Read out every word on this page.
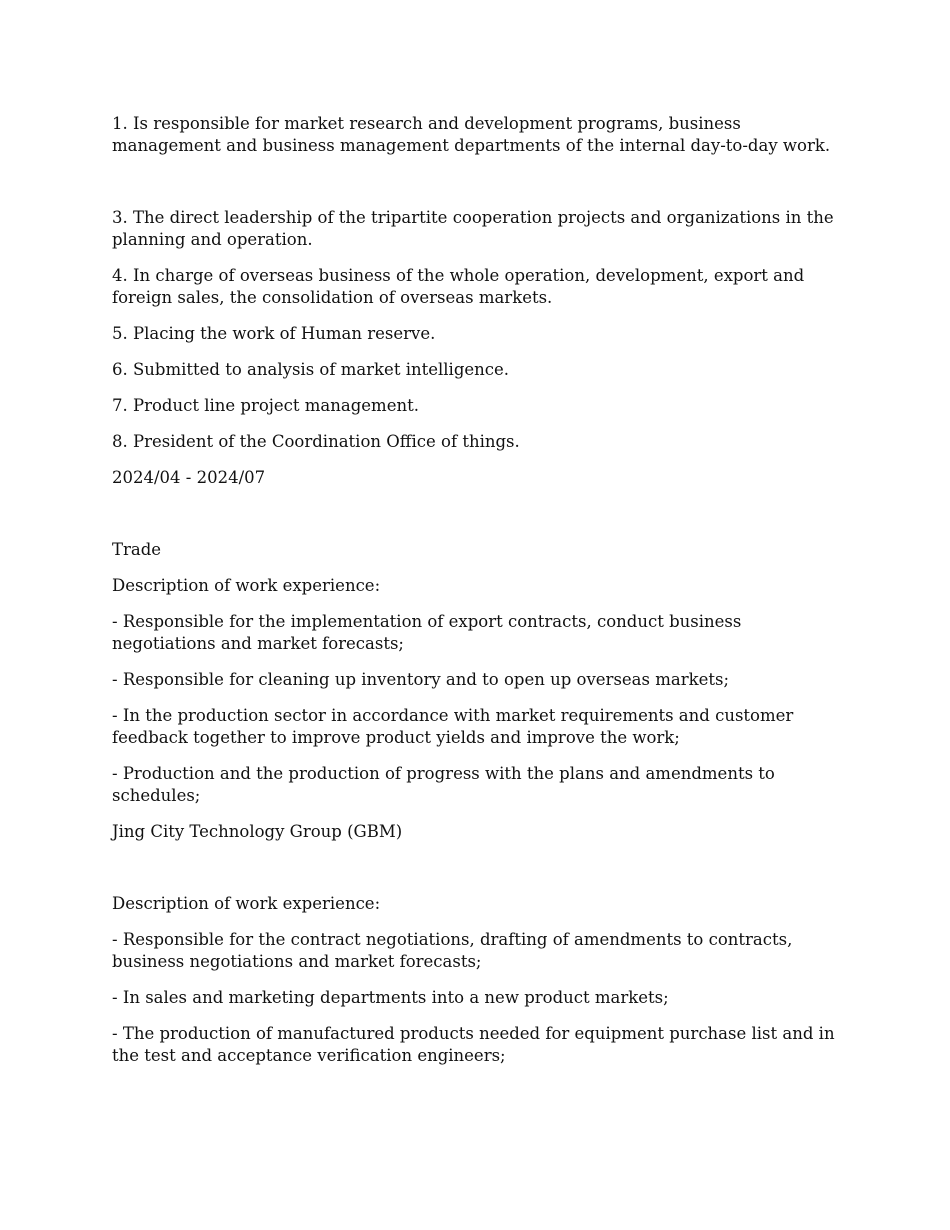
1. Is responsible for market research and development programs, business management and business management departments of the internal day-to-day work.

3. The direct leadership of the tripartite cooperation projects and organizations in the planning and operation.

4. In charge of overseas business of the whole operation, development, export and foreign sales, the consolidation of overseas markets.

5. Placing the work of Human reserve.

6. Submitted to analysis of market intelligence.

7. Product line project management.

8. President of the Coordination Office of things.

2024/04 - 2024/07

Trade

Description of work experience:

- Responsible for the implementation of export contracts, conduct business negotiations and market forecasts;

- Responsible for cleaning up inventory and to open up overseas markets;

- In the production sector in accordance with market requirements and customer feedback together to improve product yields and improve the work;

- Production and the production of progress with the plans and amendments to schedules;

Jing City Technology Group (GBM)

Description of work experience:

- Responsible for the contract negotiations, drafting of amendments to contracts, business negotiations and market forecasts;

- In sales and marketing departments into a new product markets;

- The production of manufactured products needed for equipment purchase list and in the test and acceptance verification engineers;
